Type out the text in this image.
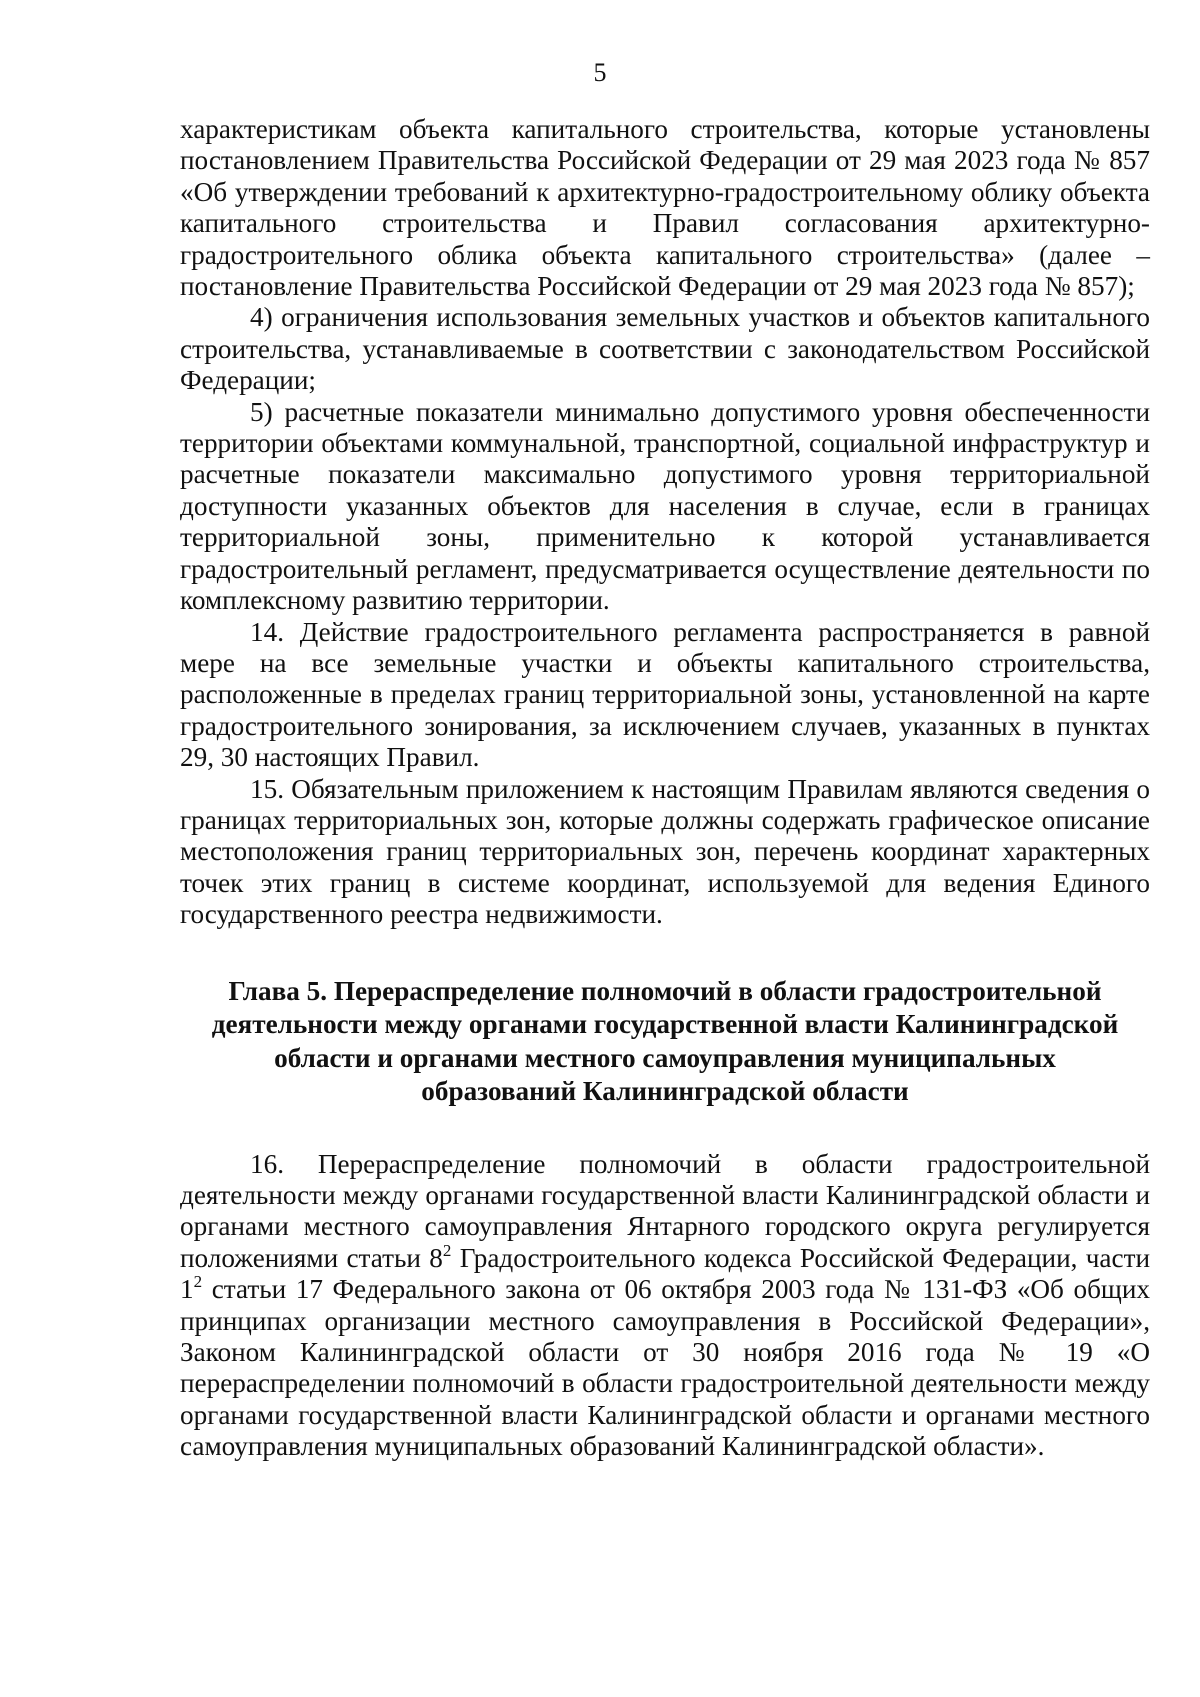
5

характеристикам объекта капитального строительства, которые установлены постановлением Правительства Российской Федерации от 29 мая 2023 года № 857 «Об утверждении требований к архитектурно-градостроительному облику объекта капитального строительства и Правил согласования архитектурно-градостроительного облика объекта капитального строительства» (далее – постановление Правительства Российской Федерации от 29 мая 2023 года № 857);

4) ограничения использования земельных участков и объектов капитального строительства, устанавливаемые в соответствии с законодательством Российской Федерации;

5) расчетные показатели минимально допустимого уровня обеспеченности территории объектами коммунальной, транспортной, социальной инфраструктур и расчетные показатели максимально допустимого уровня территориальной доступности указанных объектов для населения в случае, если в границах территориальной зоны, применительно к которой устанавливается градостроительный регламент, предусматривается осуществление деятельности по комплексному развитию территории.

14. Действие градостроительного регламента распространяется в равной мере на все земельные участки и объекты капитального строительства, расположенные в пределах границ территориальной зоны, установленной на карте градостроительного зонирования, за исключением случаев, указанных в пунктах 29, 30 настоящих Правил.

15. Обязательным приложением к настоящим Правилам являются сведения о границах территориальных зон, которые должны содержать графическое описание местоположения границ территориальных зон, перечень координат характерных точек этих границ в системе координат, используемой для ведения Единого государственного реестра недвижимости.

Глава 5. Перераспределение полномочий в области градостроительной
деятельности между органами государственной власти Калининградской
области и органами местного самоуправления муниципальных
образований Калининградской области

16. Перераспределение полномочий в области градостроительной деятельности между органами государственной власти Калининградской области и органами местного самоуправления Янтарного городского округа регулируется положениями статьи $8^2$ Градостроительного кодекса Российской Федерации, части $1^2$ статьи 17 Федерального закона от 06 октября 2003 года № 131-ФЗ «Об общих принципах организации местного самоуправления в Российской Федерации», Законом Калининградской области от 30 ноября 2016 года № 19 «О перераспределении полномочий в области градостроительной деятельности между органами государственной власти Калининградской области и органами местного самоуправления муниципальных образований Калининградской области».
